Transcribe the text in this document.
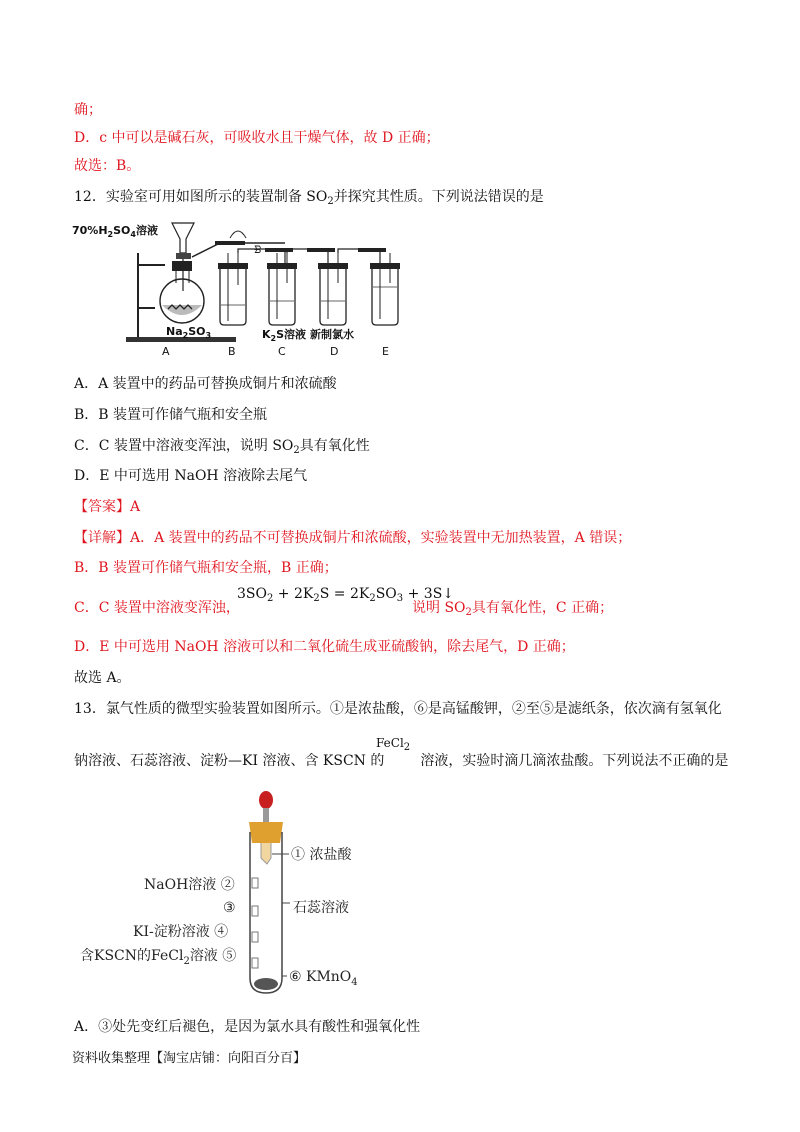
确；
D．c 中可以是碱石灰，可吸收水且干燥气体，故 D 正确；
故选：B。
12．实验室可用如图所示的装置制备 $SO_2$并探究其性质。下列说法错误的是
$70\%H_2SO_4$溶液
$Na_2SO_3$
ᗽ
$K_2S$溶液 新制氯水
A	B	C	D	E
A．A 装置中的药品可替换成铜片和浓硫酸
B．B 装置可作储气瓶和安全瓶
C．C 装置中溶液变浑浊，说明 $SO_2$具有氧化性
D．E 中可选用 NaOH 溶液除去尾气
【答案】A
【详解】A．A 装置中的药品不可替换成铜片和浓硫酸，实验装置中无加热装置，A 错误；
B．B 装置可作储气瓶和安全瓶，B 正确；
C．C 装置中溶液变浑浊，
$3SO_2 + 2K_2S = 2K_2SO_3$ + 3S↓
说明 $SO_2$具有氧化性，C 正确；
D．E 中可选用 NaOH 溶液可以和二氧化硫生成亚硫酸钠，除去尾气，D 正确；
故选 A。
13．氯气性质的微型实验装置如图所示。①是浓盐酸，⑥是高锰酸钾，②至⑤是滤纸条，依次滴有氢氧化
FeCl$_2$
钠溶液、石蕊溶液、淀粉—KI 溶液、含 KSCN 的	溶液，实验时滴几滴浓盐酸。下列说法不正确的是
① 浓盐酸
NaOH溶液 ②
③	石蕊溶液
KI-淀粉溶液 ④
含KSCN的FeCl$_2$溶液 ⑤
⑥ KMnO$_4$
A．③处先变红后褪色，是因为氯水具有酸性和强氧化性
资料收集整理【淘宝店铺：向阳百分百】
